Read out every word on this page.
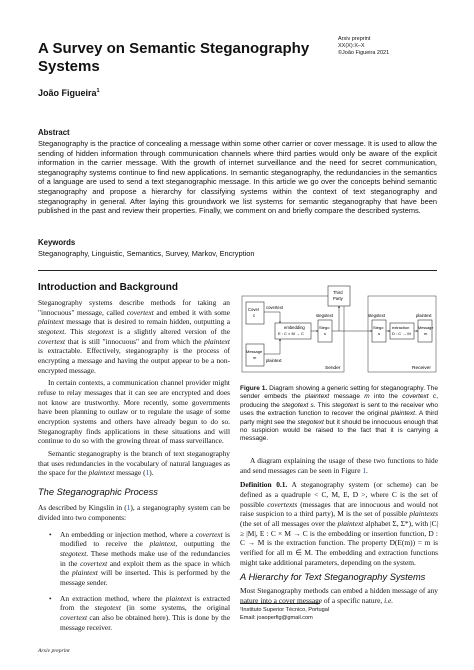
A Survey on Semantic Steganography Systems
Arxiv preprint
XX(X):X–X
©João Figueira 2021
João Figueira$^1$
Abstract
Steganography is the practice of concealing a message within some other carrier or cover message. It is used to allow the sending of hidden information through communication channels where third parties would only be aware of the explicit information in the carrier message. With the growth of internet surveillance and the need for secret communication, steganography systems continue to find new applications. In semantic steganography, the redundancies in the semantics of a language are used to send a text steganographic message. In this article we go over the concepts behind semantic steganography and propose a hierarchy for classifying systems within the context of text steganography and steganography in general. After laying this groundwork we list systems for semantic steganography that have been published in the past and review their properties. Finally, we comment on and briefly compare the described systems.
Keywords
Steganography, Linguistic, Semantics, Survey, Markov, Encryption
Introduction and Background

Steganography systems describe methods for taking an "innocuous" message, called covertext and embed it with some plaintext message that is desired to remain hidden, outputting a stegotext. This stegotext is a slightly altered version of the covertext that is still "innocuous" and from which the plaintext is extractable. Effectively, steganography is the process of encrypting a message and having the output appear to be a non-encrypted message.

In certain contexts, a communication channel provider might refuse to relay messages that it can see are encrypted and does not know are trustworthy. More recently, some governments have been planning to outlaw or to regulate the usage of some encryption systems and others have already begun to do so. Steganography finds applications in these situations and will continue to do so with the growing threat of mass surveillance.

Semantic steganography is the branch of text steganography that uses redundancies in the vocabulary of natural languages as the space for the plaintext message (1).

The Steganographic Process

As described by Kingslin in (1), a steganography system can be divided into two components:

• An embedding or injection method, where a covertext is modified to receive the plaintext, outputting the stegotext. These methods make use of the redundancies in the covertext and exploit them as the space in which the plaintext will be inserted. This is performed by the message sender.
• An extraction method, where the plaintext is extracted from the stegotext (in some systems, the original covertext can also be obtained here). This is done by the message receiver.
covertext
Cover
c
embedding
E : C × M → C
stegotext
Stego
s
Message
m
plaintext
Third
Party
stegotext
Stego
s
extraction
D : C → M
plaintext
Message
m
Sender	Receiver
Figure 1. Diagram showing a generic setting for steganography. The sender embeds the plaintext message m into the covertext c, producing the stegotext s. This stegotext is sent to the receiver who uses the extraction function to recover the original plaintext. A third party might see the stegotext but it should be innocuous enough that no suspicion would be raised to the fact that it is carrying a message.

A diagram explaining the usage of these two functions to hide and send messages can be seen in Figure 1.

Definition 0.1. A steganography system (or scheme) can be defined as a quadruple < C, M, E, D >, where C is the set of possible covertexts (messages that are innocuous and would not raise suspicion to a third party), M is the set of possible plaintexts (the set of all messages over the plaintext alphabet Σ, Σ*), with |C| ≥ |M|, E : C × M → C is the embedding or insertion function, D : C → M is the extraction function. The property D(E(m)) = m is verified for all m ∈ M. The embedding and extraction functions might take additional parameters, depending on the system.

A Hierarchy for Text Steganography Systems

Most Steganography methods can embed a hidden message of any nature into a cover message of a specific nature, i.e.

¹Instituto Superior Técnico, Portugal
Email: joaoperfig@gmail.com
Arxiv preprint
